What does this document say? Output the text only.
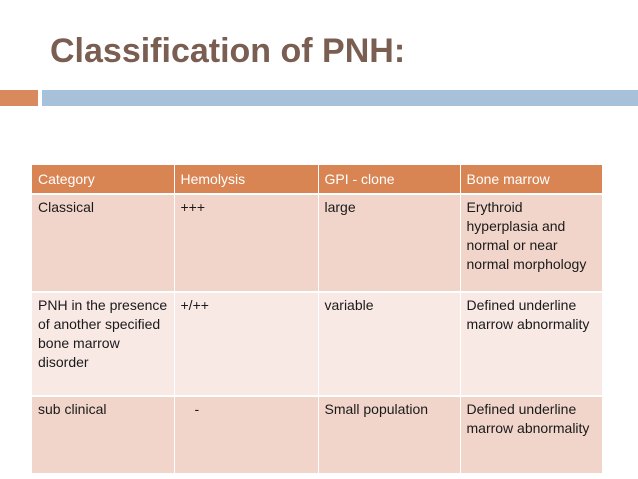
Classification of PNH:
Category	Hemolysis	GPI - clone	Bone marrow
Classical	+++	large	Erythroid hyperplasia and normal or near normal morphology
PNH in the presence of another specified bone marrow disorder	+/++	variable	Defined underline marrow abnormality
sub clinical	-	Small population	Defined underline marrow abnormality
